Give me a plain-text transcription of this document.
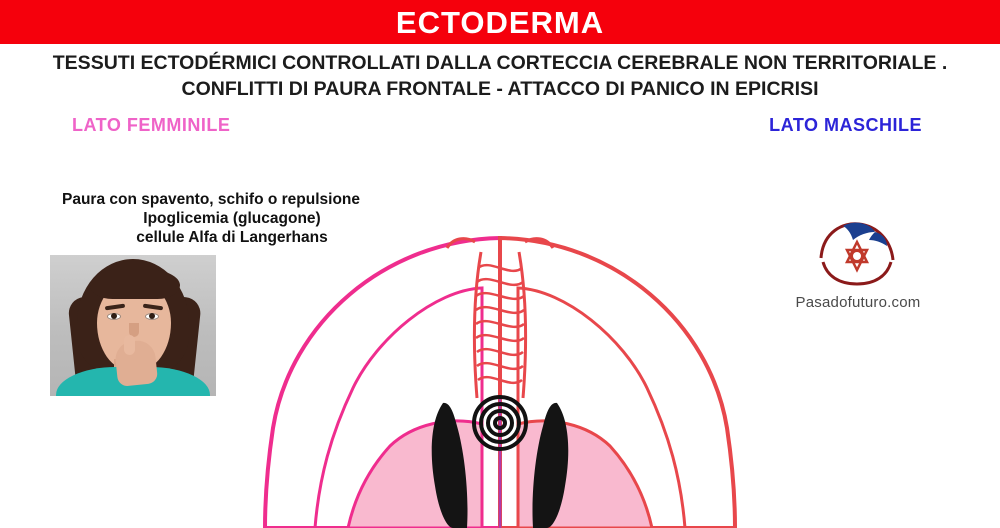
ECTODERMA
TESSUTI ECTODÉRMICI CONTROLLATI DALLA CORTECCIA CEREBRALE NON TERRITORIALE .
CONFLITTI DI PAURA FRONTALE - ATTACCO DI PANICO IN EPICRISI
LATO FEMMINILE	LATO MASCHILE
Paura con spavento, schifo o repulsione
Ipoglicemia (glucagone)
cellule Alfa di Langerhans
Pasadofuturo.com
